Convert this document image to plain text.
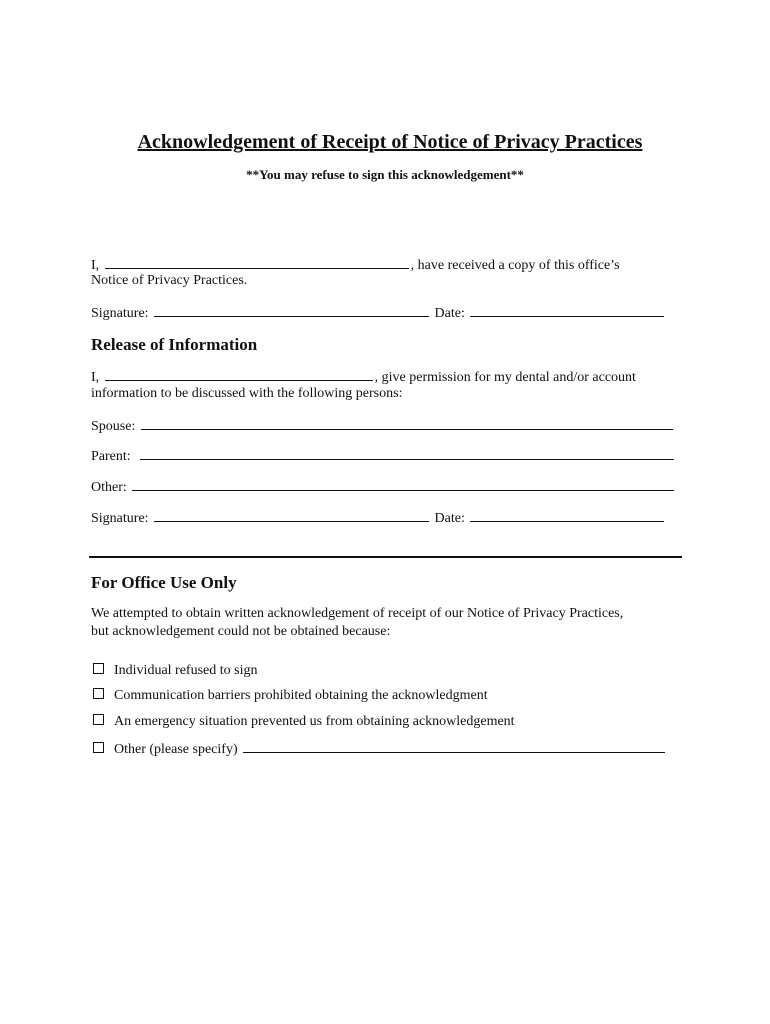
Acknowledgement of Receipt of Notice of Privacy Practices
**You may refuse to sign this acknowledgement**
I,	, have received a copy of this office’s
Notice of Privacy Practices.
Signature:	Date:
Release of Information
I,	, give permission for my dental and/or account
information to be discussed with the following persons:
Spouse:
Parent:
Other:
Signature:	Date:
For Office Use Only
We attempted to obtain written acknowledgement of receipt of our Notice of Privacy Practices,
but acknowledgement could not be obtained because:
Individual refused to sign
Communication barriers prohibited obtaining the acknowledgment
An emergency situation prevented us from obtaining acknowledgement
Other (please specify)
